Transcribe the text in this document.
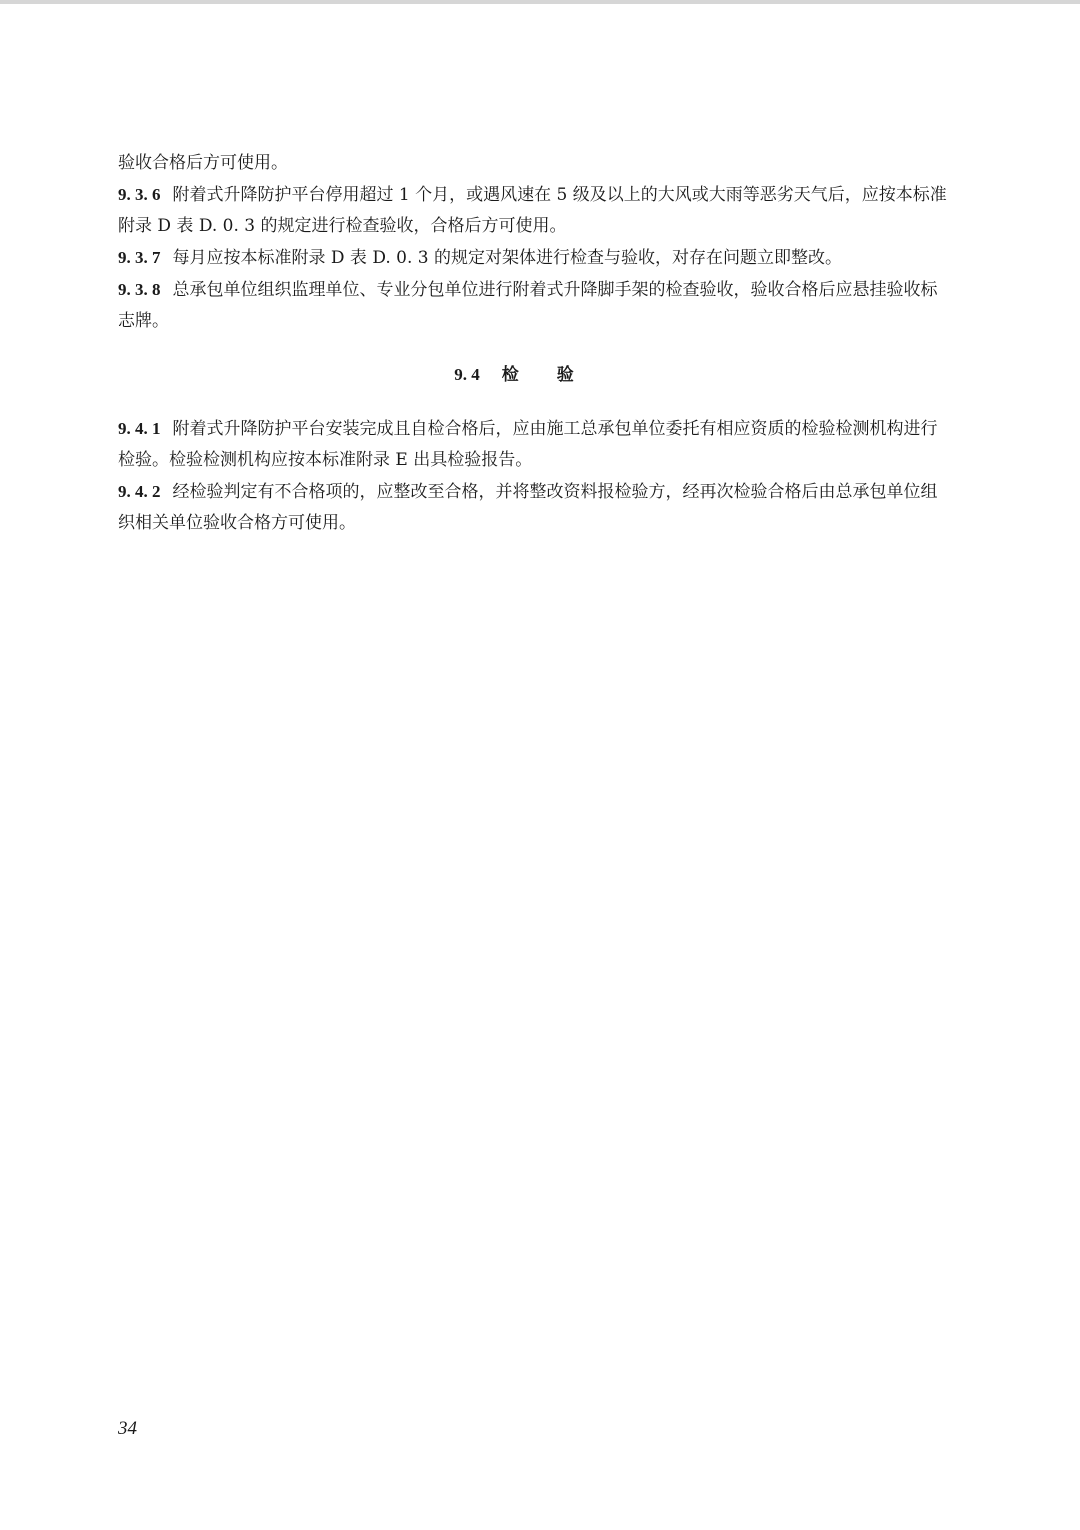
验收合格后方可使用。

9. 3. 6 附着式升降防护平台停用超过 1 个月，或遇风速在 5 级及以上的大风或大雨等恶劣天气后，应按本标准附录 D 表 D. 0. 3 的规定进行检查验收，合格后方可使用。

9. 3. 7 每月应按本标准附录 D 表 D. 0. 3 的规定对架体进行检查与验收，对存在问题立即整改。

9. 3. 8 总承包单位组织监理单位、专业分包单位进行附着式升降脚手架的检查验收，验收合格后应悬挂验收标志牌。

9. 4 检验

9. 4. 1 附着式升降防护平台安装完成且自检合格后，应由施工总承包单位委托有相应资质的检验检测机构进行检验。检验检测机构应按本标准附录 E 出具检验报告。

9. 4. 2 经检验判定有不合格项的，应整改至合格，并将整改资料报检验方，经再次检验合格后由总承包单位组织相关单位验收合格方可使用。

34
